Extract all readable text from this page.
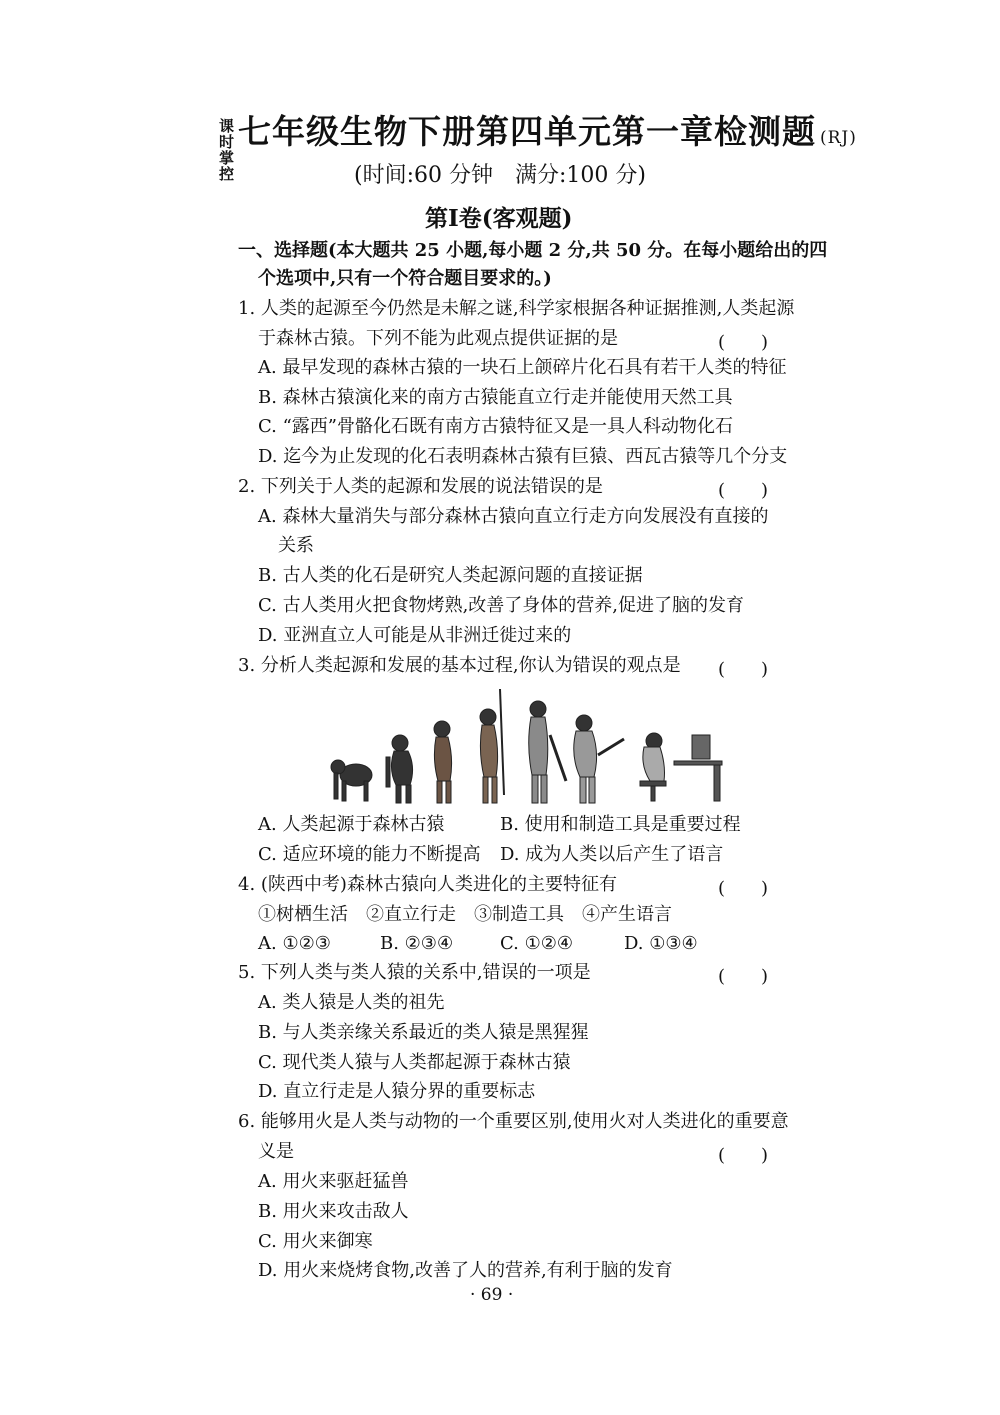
课时掌控 七年级生物下册第四单元第一章检测题 (RJ)
(时间:60 分钟　满分:100 分)
第Ⅰ卷(客观题)
一、选择题(本大题共 25 小题,每小题 2 分,共 50 分。在每小题给出的四
个选项中,只有一个符合题目要求的。)
1. 人类的起源至今仍然是未解之谜,科学家根据各种证据推测,人类起源
于森林古猿。下列不能为此观点提供证据的是	(　　)
A. 最早发现的森林古猿的一块石上颌碎片化石具有若干人类的特征
B. 森林古猿演化来的南方古猿能直立行走并能使用天然工具
C. “露西”骨骼化石既有南方古猿特征又是一具人科动物化石
D. 迄今为止发现的化石表明森林古猿有巨猿、西瓦古猿等几个分支
2. 下列关于人类的起源和发展的说法错误的是	(　　)
A. 森林大量消失与部分森林古猿向直立行走方向发展没有直接的
关系
B. 古人类的化石是研究人类起源问题的直接证据
C. 古人类用火把食物烤熟,改善了身体的营养,促进了脑的发育
D. 亚洲直立人可能是从非洲迁徙过来的
3. 分析人类起源和发展的基本过程,你认为错误的观点是 (　　)
A. 人类起源于森林古猿	B. 使用和制造工具是重要过程
C. 适应环境的能力不断提高 D. 成为人类以后产生了语言
4. (陕西中考)森林古猿向人类进化的主要特征有	(　　)
①树栖生活　②直立行走　③制造工具　④产生语言
A. ①②③	B. ②③④	C. ①②④	D. ①③④
5. 下列人类与类人猿的关系中,错误的一项是	(　　)
A. 类人猿是人类的祖先
B. 与人类亲缘关系最近的类人猿是黑猩猩
C. 现代类人猿与人类都起源于森林古猿
D. 直立行走是人猿分界的重要标志
6. 能够用火是人类与动物的一个重要区别,使用火对人类进化的重要意
义是	(　　)
A. 用火来驱赶猛兽
B. 用火来攻击敌人
C. 用火来御寒
D. 用火来烧烤食物,改善了人的营养,有利于脑的发育
· 69 ·
